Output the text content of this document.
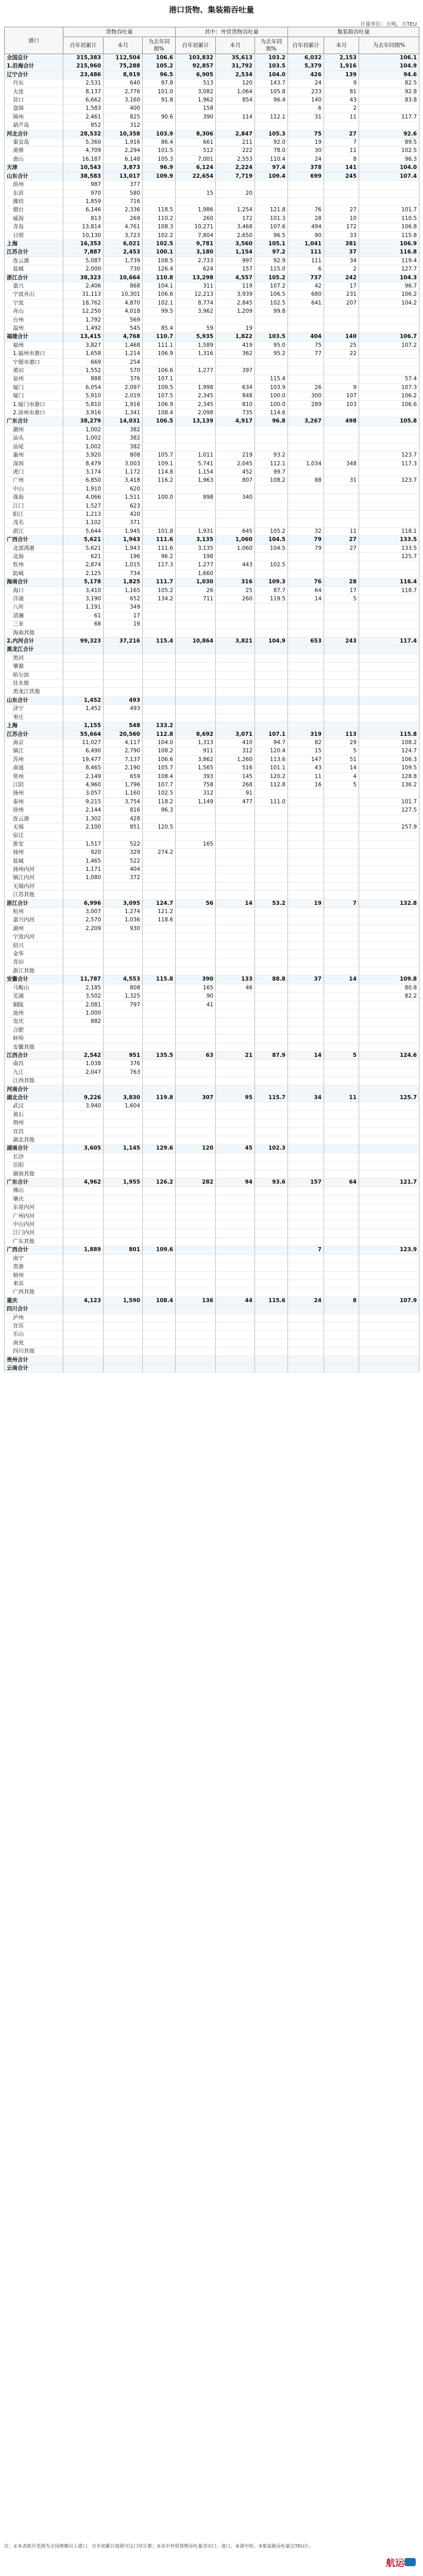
港口货物、集装箱吞吐量
计量单位：万吨、万TEU
港口	货物吞吐量			其中：外贸货物吞吐量			集装箱吞吐量		
	自年初累计	本月	为去年同期%	自年初累计	本月	为去年同期%	自年初累计	本月	为去年同期%
全国总计	315,383	112,504	106.6	103,832	35,613	103.2	6,032	2,153	106.1
1.沿海合计	215,960	75,288	105.2	92,857	31,792	103.5	5,379	1,916	104.9
辽宁合计	23,486	8,919	96.5	6,905	2,534	104.0	426	139	94.6
丹东	2,531	640	97.8	513	120	143.7	24	9	82.5
大连	8,137	2,776	101.0	3,082	1,064	105.8	233	81	92.8
营口	6,662	3,160	91.8	1,962	854	96.4	140	43	83.8
盘锦	1,583	400		158			6	2	
锦州	2,461	825	90.6	390	114	112.1	31	11	117.7
葫芦岛	852	312							
河北合计	28,532	10,358	103.9	8,306	2,847	105.3	75	27	92.6
秦皇岛	5,360	1,916	86.4	661	211	92.0	19	7	89.5
黄骅	4,709	2,294	101.5	512	222	78.0	30	11	102.5
唐山	16,187	6,148	105.3	7,001	2,553	110.4	24	8	96.3
天津	10,543	3,873	96.9	6,124	2,224	97.4	378	141	104.0
山东合计	38,583	13,017	109.9	22,654	7,719	109.4	699	245	107.4
滨州	987	377							
东营	970	580		15	20				
潍坊	1,859	716							
烟台	6,146	2,336	118.5	1,986	1,254	121.8	76	27	101.7
威海	813	269	110.2	260	172	101.3	28	10	110.5
青岛	13,814	4,761	108.3	10,271	3,468	107.6	494	172	106.8
日照	10,130	3,723	102.2	7,804	2,650	96.5	90	33	115.8
上海	16,353	6,021	102.5	9,781	3,560	105.1	1,041	381	106.9
江苏合计	7,887	2,453	100.1	3,180	1,154	97.2	111	37	116.8
连云港	5,087	1,739	108.5	2,733	997	92.9	111	34	119.4
盐城	2,000	730	126.4	624	157	115.0	6	2	127.7
浙江合计	38,323	10,664	110.8	13,298	4,557	105.2	737	242	104.3
嘉兴	2,406	868	104.1	311	119	107.2	42	17	96.7
宁波舟山	31,113	10,301	106.6	12,213	3,939	106.5	680	231	106.2
宁波	18,762	4,870	102.1	8,774	2,845	102.5	641	207	104.2
舟山	12,250	4,018	99.5	3,962	1,209	99.8			
台州	1,792	569							
温州	1,492	545	85.4	59	19				
福建合计	13,415	4,768	110.7	5,935	1,822	103.5	404	140	106.7
福州	3,827	1,468	111.1	1,589	419	95.0	75	25	107.2
1.福州市港口	1,658	1,214	106.9	1,316	362	95.2	77	22	
宁德市港口	669	254							
莆田	1,552	570	106.6	1,277	397				
泉州	888	376	107.1			115.4			57.4
厦门	6,054	2,097	109.5	1,998	634	103.9	26	9	107.3
厦门	5,910	2,019	107.5	2,345	848	100.0	300	107	106.2
1.厦门市港口	5,810	1,916	106.9	2,345	810	100.0	289	103	106.6
2.漳州市港口	3,916	1,341	108.4	2,098	735	114.6			
广东合计	38,279	14,031	106.5	13,139	4,917	96.8	3,267	498	105.8
潮州	1,002	382							
汕头	1,002	382							
汕尾	1,002	382							
惠州	3,920	808	105.7	1,011	219	93.2			123.7
深圳	8,479	3,003	109.1	5,741	2,045	112.1	1,034	348	117.3
虎门	3,174	1,172	114.8	1,154	452	99.7			
广州	6,850	3,418	116.2	1,963	807	108.2	88	31	123.7
中山	1,910	620							
珠海	4,066	1,511	100.0	898	340				
江门	1,527	623							
阳江	1,213	420							
茂名	1,102	371							
湛江	5,644	1,945	101.8	1,931	645	105.2	32	11	118.1
广西合计	5,621	1,943	111.6	3,135	1,060	104.5	79	27	133.5
北部湾港	5,621	1,943	111.6	3,135	1,060	104.5	79	27	133.5
北海	621	196	96.2	198					125.7
钦州	2,874	1,015	117.3	1,277	443	102.5			
防城	2,125	734		1,660					
海南合计	5,178	1,825	111.7	1,030	316	109.3	76	28	116.4
海口	3,410	1,165	105.2	26	25	87.7	64	17	118.7
洋浦	3,190	652	134.2	711	260	119.5	14	5	
八所	1,191	349							
清澜	61	17							
三亚	68	19							
海南其他									
2.内河合计	99,323	37,216	115.4	10,864	3,821	104.9	653	243	117.4
黑龙江合计									
黑河									
肇源									
哈尔滨									
佳木斯									
黑龙江其他									
山东合计	1,452	493							
济宁	1,452	493							
枣庄									
上海	1,155	548	133.2						
江苏合计	55,664	20,560	112.8	8,692	3,071	107.1	319	113	115.8
南京	11,027	4,117	104.0	1,313	410	94.7	82	29	108.2
镇江	6,490	2,790	108.2	911	312	120.4	15	5	124.7
苏州	19,477	7,137	106.6	3,862	1,260	113.6	147	51	106.3
南通	8,465	2,190	105.7	1,565	516	101.1	43	14	109.5
常州	2,149	659	108.4	393	145	120.2	11	4	128.8
江阴	4,960	1,796	107.7	758	268	112.8	16	5	136.2
扬州	3,057	1,160	102.5	312	91				
泰州	9,215	3,754	118.2	1,149	477	111.0			101.7
徐州	2,144	816	96.3						127.5
连云港	1,302	428							
无锡	2,100	851	120.5						257.9
宿迁									
淮安	1,517	522		165					
扬州	920	329	274.2						
盐城	1,465	522							
扬州内河	1,171	404							
镇江内河	1,080	372							
无锡内河									
江苏其他									
浙江合计	6,996	3,095	124.7	56	14	53.2	19	7	132.8
杭州	3,007	1,274	121.2						
嘉兴内河	2,570	1,036	118.6						
湖州	2,209	930							
宁波内河									
绍兴									
金华									
青田									
浙江其他									
安徽合计	11,787	4,553	115.8	390	133	88.8	37	14	109.8
马鞍山	2,185	808		165	46				80.8
芜湖	3,502	1,325		90					82.2
铜陵	2,081	797		41					
池州	1,000								
安庆	882								
合肥									
蚌埠									
安徽其他									
江西合计	2,542	951	135.5	63	21	87.9	14	5	124.6
南昌	1,038	376							
九江	2,047	763							
江西其他									
河南合计									
湖北合计	9,226	3,830	119.8	307	95	115.7	34	11	125.7
武汉	3,940	1,604							
黄石									
荆州									
宜昌									
湖北其他									
湖南合计	3,605	1,145	129.6	120	45	102.3			
长沙									
岳阳									
湖南其他									
广东合计	4,962	1,955	126.2	282	94	93.6	157	64	121.7
佛山									
肇庆									
东莞内河									
广州内河									
中山内河									
江门内河									
广东其他									
广西合计	1,889	801	109.6				7		123.9
南宁									
贵港									
梧州									
来宾									
广西其他									
重庆	4,123	1,590	108.4	136	44	115.6	24	8	107.9
四川合计									
泸州									
宜宾									
乐山									
南充									
四川其他									
贵州合计									
云南合计									
注：①本表统计范围为全国规模以上港口，自年初累计按照可比口径计算；②其中外贸货物吞吐量含出口、进口、本港中转；③集装箱吞吐量以TEU计。
航运
